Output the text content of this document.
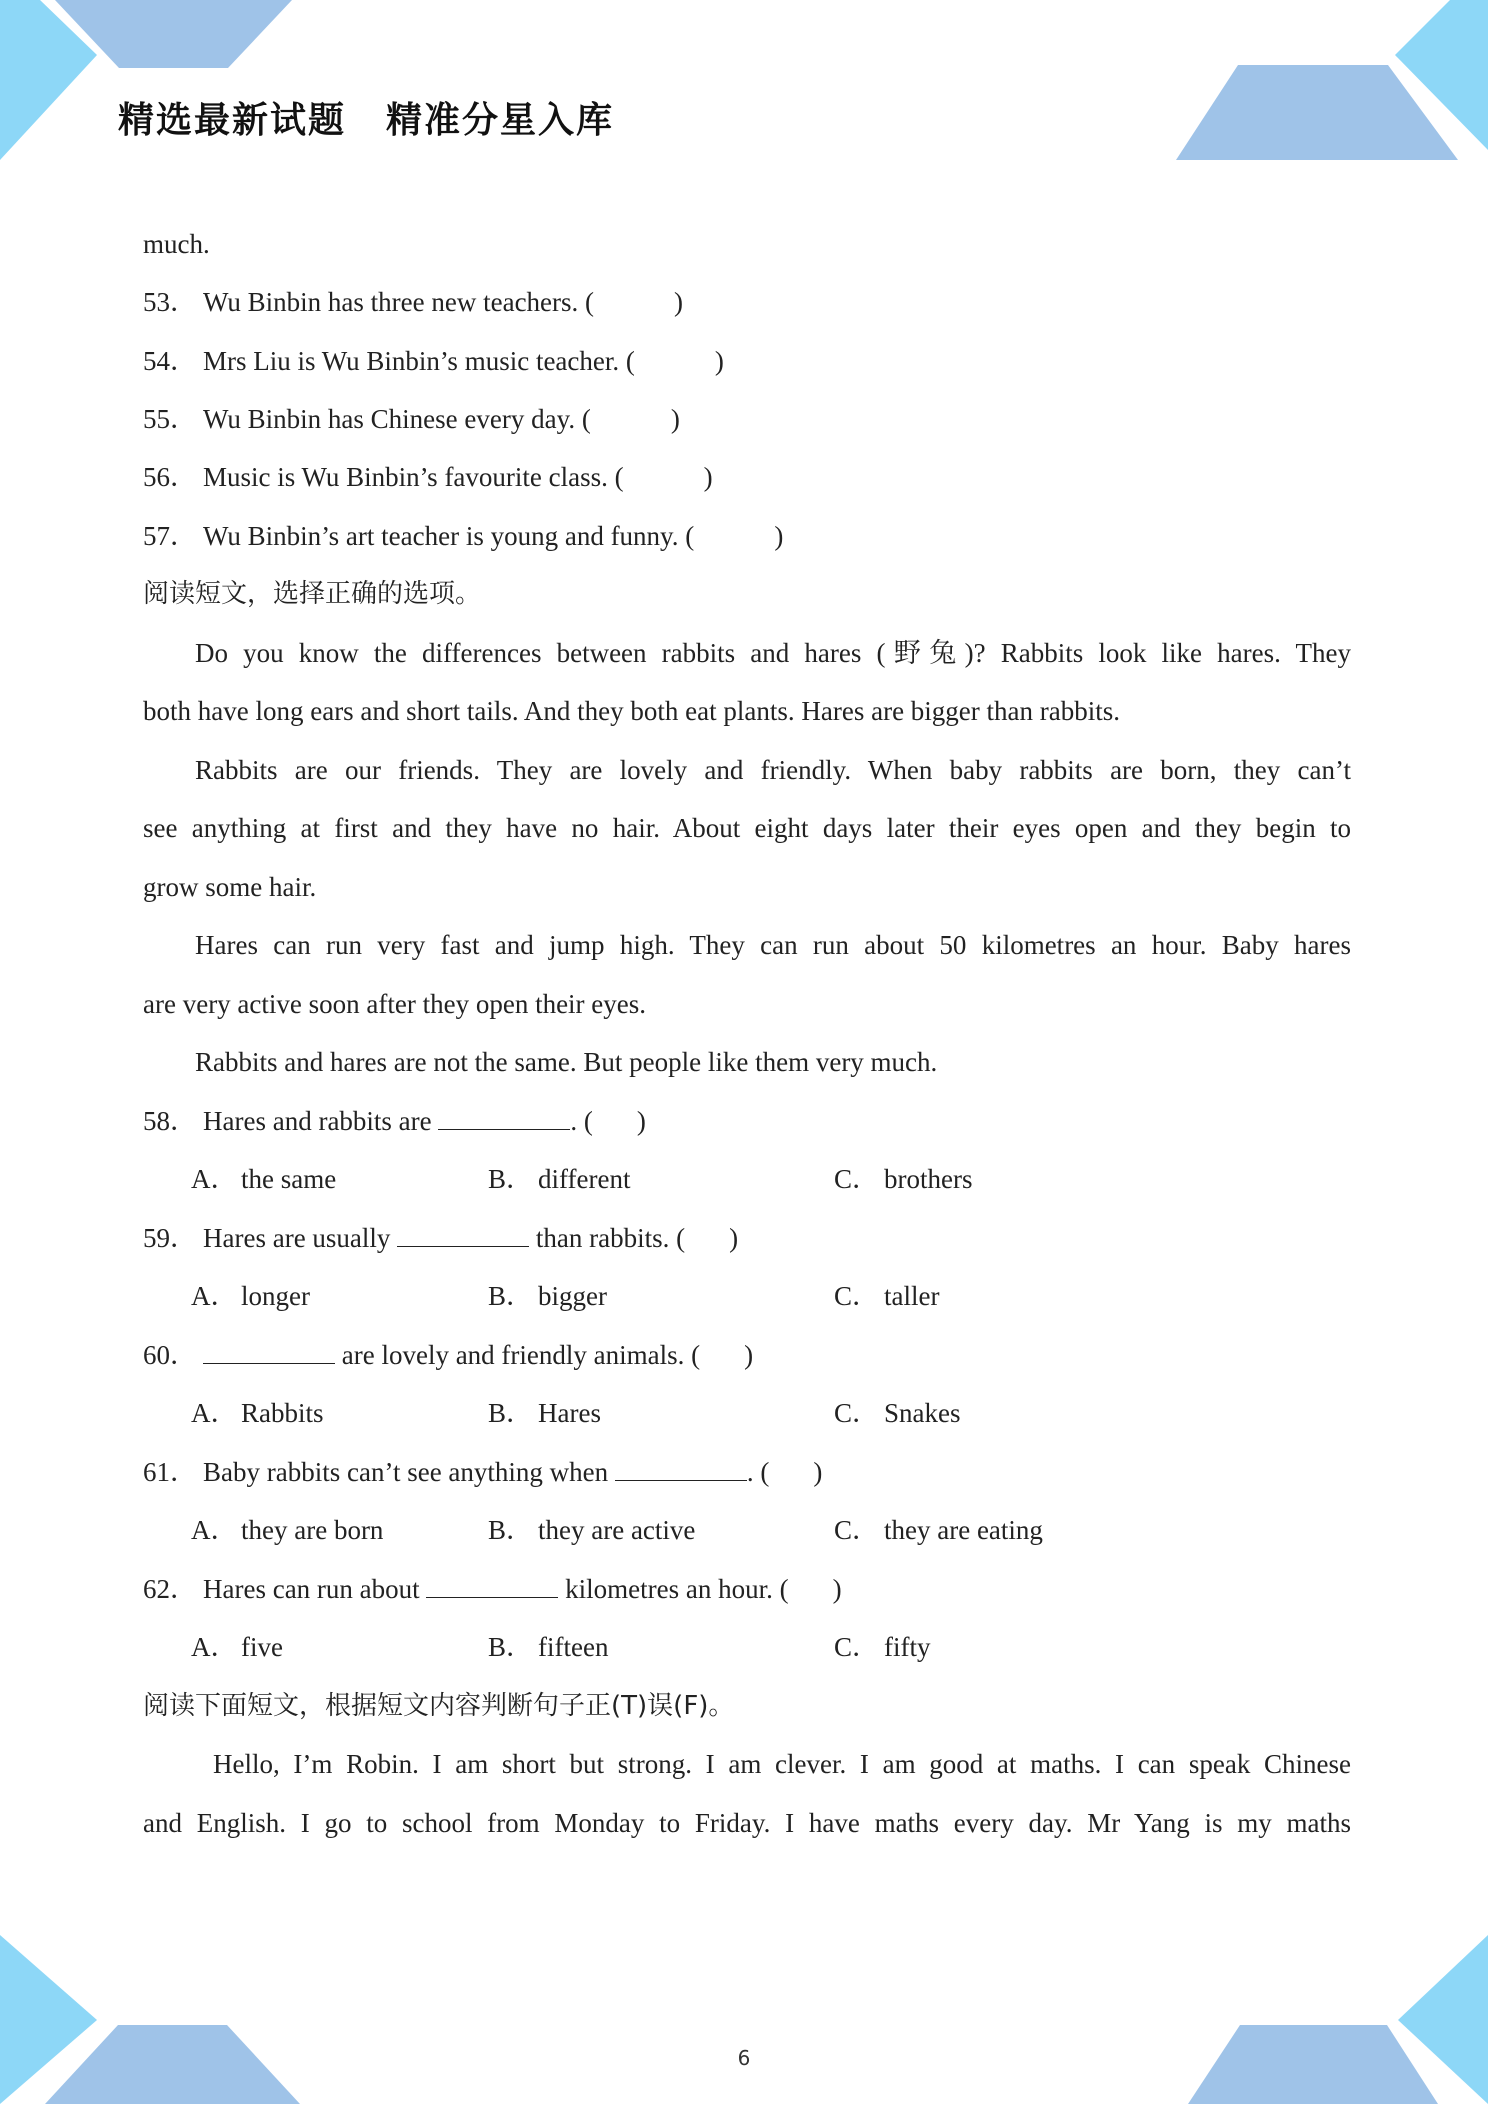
精选最新试题 精准分星入库
much.
53． Wu Binbin has three new teachers. (	)
54． Mrs Liu is Wu Binbin’s music teacher. (	)
55． Wu Binbin has Chinese every day. (	)
56． Music is Wu Binbin’s favourite class. (	)
57． Wu Binbin’s art teacher is young and funny. (	)
阅读短文，选择正确的选项。
Do you know the differences between rabbits and hares (野兔)? Rabbits look like hares. They
both have long ears and short tails. And they both eat plants. Hares are bigger than rabbits.
Rabbits are our friends. They are lovely and friendly. When baby rabbits are born, they can’t
see anything at first and they have no hair. About eight days later their eyes open and they begin to
grow some hair.
Hares can run very fast and jump high. They can run about 50 kilometres an hour. Baby hares
are very active soon after they open their eyes.
Rabbits and hares are not the same. But people like them very much.
58． Hares and rabbits are	. ( )
A． the same	B． different	C． brothers
59． Hares are usually	than rabbits. ( )
A． longer	B． bigger	C． taller
60．	are lovely and friendly animals. ( )
A． Rabbits	B． Hares	C． Snakes
61． Baby rabbits can’t see anything when	. ( )
A． they are born	B． they are active	C． they are eating
62． Hares can run about	kilometres an hour. ( )
A． five	B． fifteen	C． fifty
阅读下面短文，根据短文内容判断句子正(T)误(F)。
Hello, I’m Robin. I am short but strong. I am clever. I am good at maths. I can speak Chinese
and English. I go to school from Monday to Friday. I have maths every day. Mr Yang is my maths
6
